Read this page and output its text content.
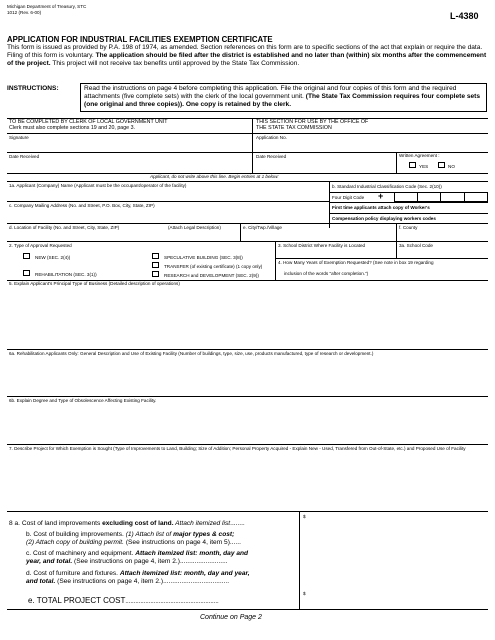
Michigan Department of Treasury, STC
1012 (Rev. 6-00)	L-4380
APPLICATION FOR INDUSTRIAL FACILITIES EXEMPTION CERTIFICATE
This form is issued as provided by P.A. 198 of 1974, as amended. Section references on this form are to specific sections of the act that explain or require the data. Filing of this form is voluntary. The application should be filed after the district is established and no later than (within) six months after the commencement of the project. This project will not receive tax benefits until approved by the State Tax Commission.
INSTRUCTIONS:	Read the instructions on page 4 before completing this application. File the original and four copies of this form and the required attachments (five complete sets) with the clerk of the local government unit. (The State Tax Commission requires four complete sets (one original and three copies)). One copy is retained by the clerk.
TO BE COMPLETED BY CLERK OF LOCAL GOVERNMENT UNIT
Clerk must also complete sections 19 and 20, page 3.
THIS SECTION FOR USE BY THE OFFICE OF
THE STATE TAX COMMISSION
Signature	Application No.
Date Received	Date Received	Written Agreement :
YES	NO
Applicant, do not write above this line. Begin entries at 1 below:
1a. Applicant (Company) Name (Applicant must be the occupant/operator of the facility)	b. Standard Industrial Classification Code (Sec. 2(10))
Four Digit Code +
c. Company Mailing Address (No. and Street, P.O. Box, City, State, ZIP)	First time applicants attach copy of Worker's
Compensation policy displaying workers codes
d. Location of Facility (No. and Street, City, State, ZIP)	(Attach Legal Description)	e. City/Twp./Village	f. County
2. Type of Approval Requested
NEW (SEC. 2(4))
REHABILITATION (SEC. 3(1))
SPECULATIVE BUILDING (SEC. 3(8))
TRANSFER (of existing certificate) (1 copy only)
RESEARCH and DEVELOPMENT (SEC. 2(9))
3. School District Where Facility is Located	3a. School Code
4. How Many Years of Exemption Requested? (See note in box 19 regarding
inclusion of the words "after completion.")
5. Explain Applicant's Principal Type of Business (Detailed description of operations)
6a. Rehabilitation Applicants Only: General Description and Use of Existing Facility (Number of buildings, type, size, use, products manufactured, type of research or development.)
6b. Explain Degree and Type of Obsolescence Affecting Existing Facility.
7. Describe Project for Which Exemption is Sought (Type of Improvements to Land, Building; Size of Addition; Personal Property Acquired - Explain New - Used, Transfered from Out-of-State, etc.) and Proposed Use of Facility
8 a. Cost of land improvements excluding cost of land. Attach itemized list........
b. Cost of building improvements. (1) Attach list of major types & cost;
(2) Attach copy of building permit. (See instructions on page 4, item 5)......
c. Cost of machinery and equipment. Attach itemized list: month, day and
year, and total. (See instructions on page 4, item 2.)..........................
d. Cost of furniture and fixtures. Attach itemized list: month, day and year,
and total. (See instructions on page 4, item 2.)....................................
e. TOTAL PROJECT COST........................................................
$
$
Continue on Page 2
